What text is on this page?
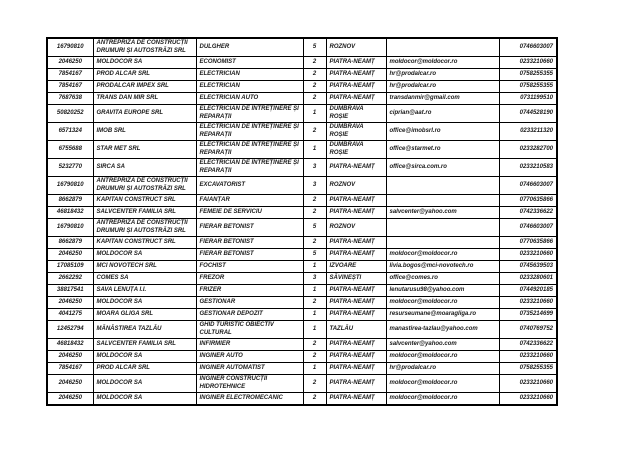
16790810	ANTREPRIZA DE CONSTRUCȚII DRUMURI ȘI AUTOSTRĂZI SRL	DULGHER	5	ROZNOV		0746603007
2046250	MOLDOCOR SA	ECONOMIST	2	PIATRA-NEAMȚ	moldocor@moldocor.ro	0233210660
7854167	PROD ALCAR SRL	ELECTRICIAN	2	PIATRA-NEAMȚ	hr@prodalcar.ro	0758255355
7854167	PRODALCAR IMPEX SRL	ELECTRICIAN	2	PIATRA-NEAMȚ	hr@prodalcar.ro	0758255355
7687638	TRANS DAN MIR SRL	ELECTRICIAN AUTO	2	PIATRA-NEAMȚ	transdanmir@gmail.com	0731199510
50820252	GRAVITA EUROPE SRL	ELECTRICIAN DE ÎNTREȚINERE ȘI REPARAȚII	1	DUMBRAVA ROȘIE	ciprian@aat.ro	0744528190
6571324	IMOB SRL	ELECTRICIAN DE ÎNTREȚINERE ȘI REPARAȚII	2	DUMBRAVA ROȘIE	office@imobsrl.ro	0233211320
6755688	STAR MET SRL	ELECTRICIAN DE ÎNTREȚINERE ȘI REPARAȚII	1	DUMBRAVA ROȘIE	office@starmet.ro	0233282700
5232770	SIRCA SA	ELECTRICIAN DE ÎNTREȚINERE ȘI REPARAȚII	3	PIATRA-NEAMȚ	office@sirca.com.ro	0233210583
16790810	ANTREPRIZA DE CONSTRUCȚII DRUMURI ȘI AUTOSTRĂZI SRL	EXCAVATORIST	3	ROZNOV		0746603007
8662879	KAPITAN CONSTRUCT SRL	FAIANȚAR	2	PIATRA-NEAMȚ		0770635866
46818432	SALVCENTER FAMILIA SRL	FEMEIE DE SERVICIU	2	PIATRA-NEAMȚ	salvcenter@yahoo.com	0742336622
16790810	ANTREPRIZA DE CONSTRUCȚII DRUMURI ȘI AUTOSTRĂZI SRL	FIERAR BETONIST	5	ROZNOV		0746603007
8662879	KAPITAN CONSTRUCT SRL	FIERAR BETONIST	2	PIATRA-NEAMȚ		0770635866
2046250	MOLDOCOR SA	FIERAR BETONIST	5	PIATRA-NEAMȚ	moldocor@moldocor.ro	0233210660
17085109	MCI NOVOTECH SRL	FOCHIST	1	IZVOARE	livia.bogos@mci-novotech.ro	0745639503
2662292	COMES SA	FREZOR	3	SĂVINEȘTI	office@comes.ro	0233280601
38817541	SAVA LENUȚA I.I.	FRIZER	1	PIATRA-NEAMȚ	lenutarusu98@yahoo.com	0744920185
2046250	MOLDOCOR SA	GESTIONAR	2	PIATRA-NEAMȚ	moldocor@moldocor.ro	0233210660
4041275	MOARA GLIGA SRL	GESTIONAR DEPOZIT	1	PIATRA-NEAMȚ	resurseumane@moaragliga.ro	0735214699
12452794	MĂNĂSTIREA TAZLĂU	GHID TURISTIC OBIECTIV CULTURAL	1	TAZLĂU	manastirea-tazlau@yahoo.com	0740769752
46818432	SALVCENTER FAMILIA SRL	INFIRMIER	2	PIATRA-NEAMȚ	salvcenter@yahoo.com	0742336622
2046250	MOLDOCOR SA	INGINER AUTO	2	PIATRA-NEAMȚ	moldocor@moldocor.ro	0233210660
7854167	PROD ALCAR SRL	INGINER AUTOMATIST	1	PIATRA-NEAMȚ	hr@prodalcar.ro	0758255355
2046250	MOLDOCOR SA	INGINER CONSTRUCȚII HIDROTEHNICE	2	PIATRA-NEAMȚ	moldocor@moldocor.ro	0233210660
2046250	MOLDOCOR SA	INGINER ELECTROMECANIC	2	PIATRA-NEAMȚ	moldocor@moldocor.ro	0233210660
